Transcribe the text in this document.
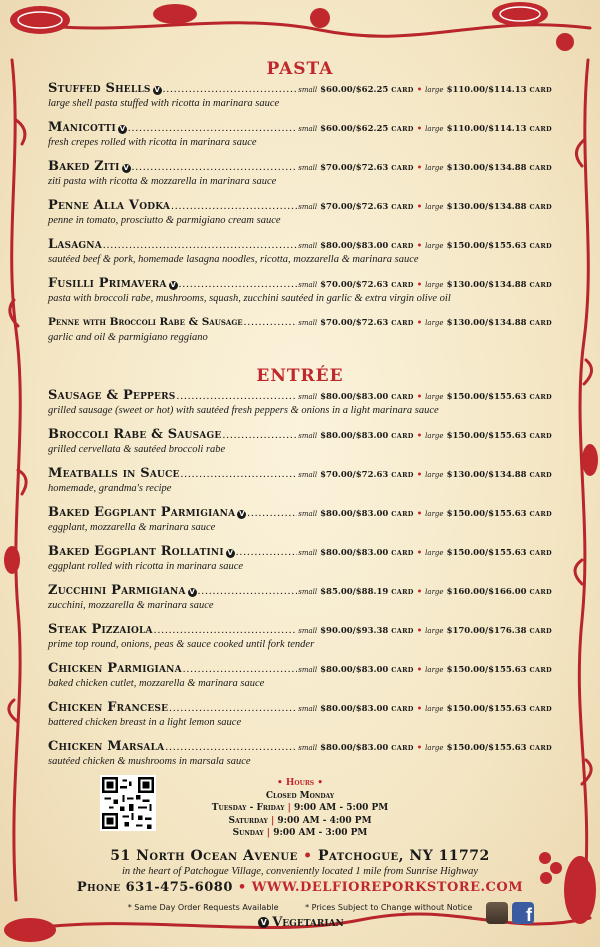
PASTA
Stuffed Shells V .....	small $60.00/$62.25 CARD • large $110.00/$114.13 CARD
large shell pasta stuffed with ricotta in marinara sauce
Manicotti V .....	small $60.00/$62.25 CARD • large $110.00/$114.13 CARD
fresh crepes rolled with ricotta in marinara sauce
Baked Ziti V .....	small $70.00/$72.63 CARD • large $130.00/$134.88 CARD
ziti pasta with ricotta & mozzarella in marinara sauce
Penne Alla Vodka .....	small $70.00/$72.63 CARD • large $130.00/$134.88 CARD
penne in tomato, prosciutto & parmigiano cream sauce
Lasagna .....	small $80.00/$83.00 CARD • large $150.00/$155.63 CARD
sautéed beef & pork, homemade lasagna noodles, ricotta, mozzarella & marinara sauce
Fusilli Primavera V .....	small $70.00/$72.63 CARD • large $130.00/$134.88 CARD
pasta with broccoli rabe, mushrooms, squash, zucchini sautéed in garlic & extra virgin olive oil
Penne with Broccoli Rabe & Sausage .....	small $70.00/$72.63 CARD • large $130.00/$134.88 CARD
garlic and oil & parmigiano reggiano
ENTRÉE
Sausage & Peppers .....	small $80.00/$83.00 CARD • large $150.00/$155.63 CARD
grilled sausage (sweet or hot) with sautéed fresh peppers & onions in a light marinara sauce
Broccoli Rabe & Sausage .....	small $80.00/$83.00 CARD • large $150.00/$155.63 CARD
grilled cervellata & sautéed broccoli rabe
Meatballs in Sauce .....	small $70.00/$72.63 CARD • large $130.00/$134.88 CARD
homemade, grandma's recipe
Baked Eggplant Parmigiana V .....	small $80.00/$83.00 CARD • large $150.00/$155.63 CARD
eggplant, mozzarella & marinara sauce
Baked Eggplant Rollatini V .....	small $80.00/$83.00 CARD • large $150.00/$155.63 CARD
eggplant rolled with ricotta in marinara sauce
Zucchini Parmigiana V .....	small $85.00/$88.19 CARD • large $160.00/$166.00 CARD
zucchini, mozzarella & marinara sauce
Steak Pizzaiola .....	small $90.00/$93.38 CARD • large $170.00/$176.38 CARD
prime top round, onions, peas & sauce cooked until fork tender
Chicken Parmigiana .....	small $80.00/$83.00 CARD • large $150.00/$155.63 CARD
baked chicken cutlet, mozzarella & marinara sauce
Chicken Francese .....	small $80.00/$83.00 CARD • large $150.00/$155.63 CARD
battered chicken breast in a light lemon sauce
Chicken Marsala .....	small $80.00/$83.00 CARD • large $150.00/$155.63 CARD
sautéed chicken & mushrooms in marsala sauce
• Hours •
Closed Monday
Tuesday - Friday | 9:00 AM - 5:00 PM
Saturday | 9:00 AM - 4:00 PM
Sunday | 9:00 AM - 3:00 PM
51 North Ocean Avenue • Patchogue, NY 11772
in the heart of Patchogue Village, conveniently located 1 mile from Sunrise Highway
Phone 631-475-6080 • WWW.DELFIOREPORKSTORE.COM
* Same Day Order Requests Available	* Prices Subject to Change without Notice
V Vegetarian	f
